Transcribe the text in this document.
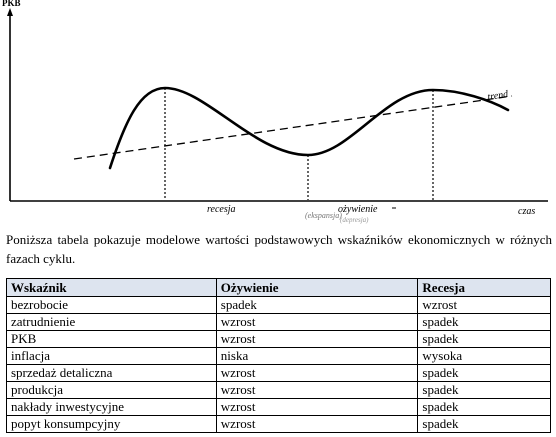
PKB
czas
trend
recesja	ożywienie
(ekspansja)
(depresja)
Poniższa tabela pokazuje modelowe wartości podstawowych wskaźników ekonomicznych w różnych fazach cyklu.
Wskaźnik	Ożywienie	Recesja
bezrobocie	spadek	wzrost
zatrudnienie	wzrost	spadek
PKB	wzrost	spadek
inflacja	niska	wysoka
sprzedaż detaliczna	wzrost	spadek
produkcja	wzrost	spadek
nakłady inwestycyjne	wzrost	spadek
popyt konsumpcyjny	wzrost	spadek
